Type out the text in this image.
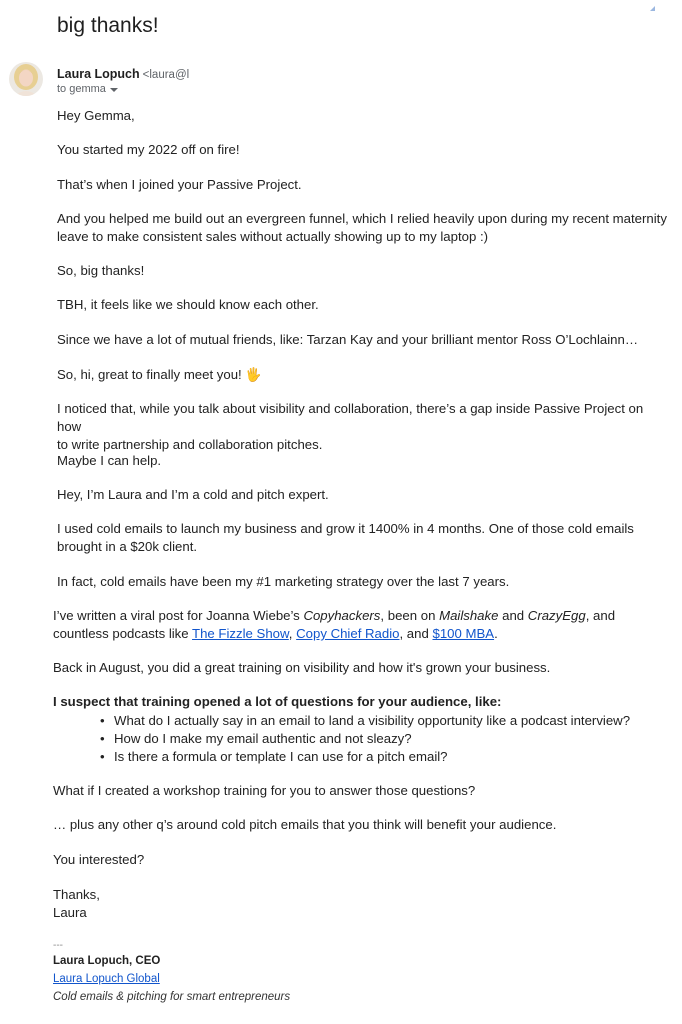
big thanks!
Laura Lopuch <laura@l
to gemma
Hey Gemma,
You started my 2022 off on fire!
That’s when I joined your Passive Project.
And you helped me build out an evergreen funnel, which I relied heavily upon during my recent maternity
leave to make consistent sales without actually showing up to my laptop :)
So, big thanks!
TBH, it feels like we should know each other.
Since we have a lot of mutual friends, like: Tarzan Kay and your brilliant mentor Ross O’Lochlainn…
So, hi, great to finally meet you! 🖐
I noticed that, while you talk about visibility and collaboration, there’s a gap inside Passive Project on how
to write partnership and collaboration pitches.
Maybe I can help.
Hey, I’m Laura and I’m a cold and pitch expert.
I used cold emails to launch my business and grow it 1400% in 4 months. One of those cold emails
brought in a $20k client.
In fact, cold emails have been my #1 marketing strategy over the last 7 years.
I’ve written a viral post for Joanna Wiebe’s Copyhackers, been on Mailshake and CrazyEgg, and
countless podcasts like The Fizzle Show, Copy Chief Radio, and $100 MBA.
Back in August, you did a great training on visibility and how it's grown your business.
I suspect that training opened a lot of questions for your audience, like:
• What do I actually say in an email to land a visibility opportunity like a podcast interview?
• How do I make my email authentic and not sleazy?
• Is there a formula or template I can use for a pitch email?
What if I created a workshop training for you to answer those questions?
… plus any other q’s around cold pitch emails that you think will benefit your audience.
You interested?
Thanks,
Laura
---
Laura Lopuch, CEO
Laura Lopuch Global
Cold emails & pitching for smart entrepreneurs
